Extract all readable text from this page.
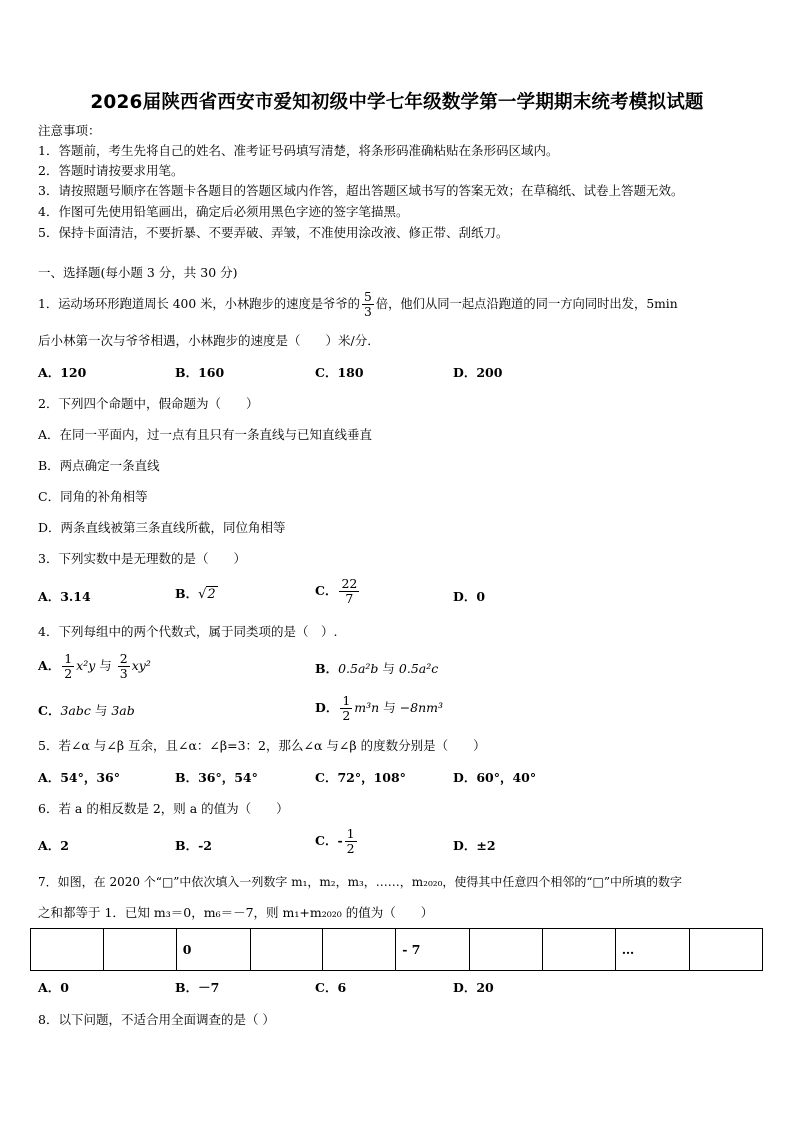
2026届陕西省西安市爱知初级中学七年级数学第一学期期末统考模拟试题
注意事项：
1．答题前，考生先将自己的姓名、准考证号码填写清楚，将条形码准确粘贴在条形码区域内。
2．答题时请按要求用笔。
3．请按照题号顺序在答题卡各题目的答题区域内作答，超出答题区域书写的答案无效；在草稿纸、试卷上答题无效。
4．作图可先使用铅笔画出，确定后必须用黑色字迹的签字笔描黑。
5．保持卡面清洁，不要折暴、不要弄破、弄皱，不准使用涂改液、修正带、刮纸刀。
一、选择题(每小题 3 分，共 30 分)
1．运动场环形跑道周长 400 米，小林跑步的速度是爷爷的 $\frac{5}{3}$ 倍，他们从同一起点沿跑道的同一方向同时出发，5min
后小林第一次与爷爷相遇，小林跑步的速度是（　　）米/分．
A．120	B．160	C．180	D．200
2．下列四个命题中，假命题为（　　）
A．在同一平面内，过一点有且只有一条直线与已知直线垂直
B．两点确定一条直线
C．同角的补角相等
D．两条直线被第三条直线所截，同位角相等
3．下列实数中是无理数的是（　　）
A．3.14	B．√2	C． $\frac{22}{7}$	D．0
4．下列每组中的两个代数式，属于同类项的是（　）.
A． $\frac{1}{2} x^2y$ 与 $\frac{2}{3} xy^2$	B．0.5a²b 与 0.5a²c
C．3abc 与 3ab	D． $\frac{1}{2} m^3n$ 与 −8nm³
5．若∠α 与∠β 互余，且∠α：∠β=3：2，那么∠α 与∠β 的度数分别是（　　）
A．54°，36°	B．36°，54°	C．72°，108°	D．60°，40°
6．若 a 的相反数是 2，则 a 的值为（　　）
A．2	B．-2	C．- $\frac{1}{2}$	D．±2
7．如图，在 2020 个“□”中依次填入一列数字 m₁，m₂，m₃，……，m₂₀₂₀，使得其中任意四个相邻的“□”中所填的数字
之和都等于 1．已知 m₃＝0，m₆＝－7，则 m₁+m₂₀₂₀ 的值为（　　）
		0			- 7			…	
A．0	B．－7	C．6	D．20
8．以下问题，不适合用全面调查的是（ ）
